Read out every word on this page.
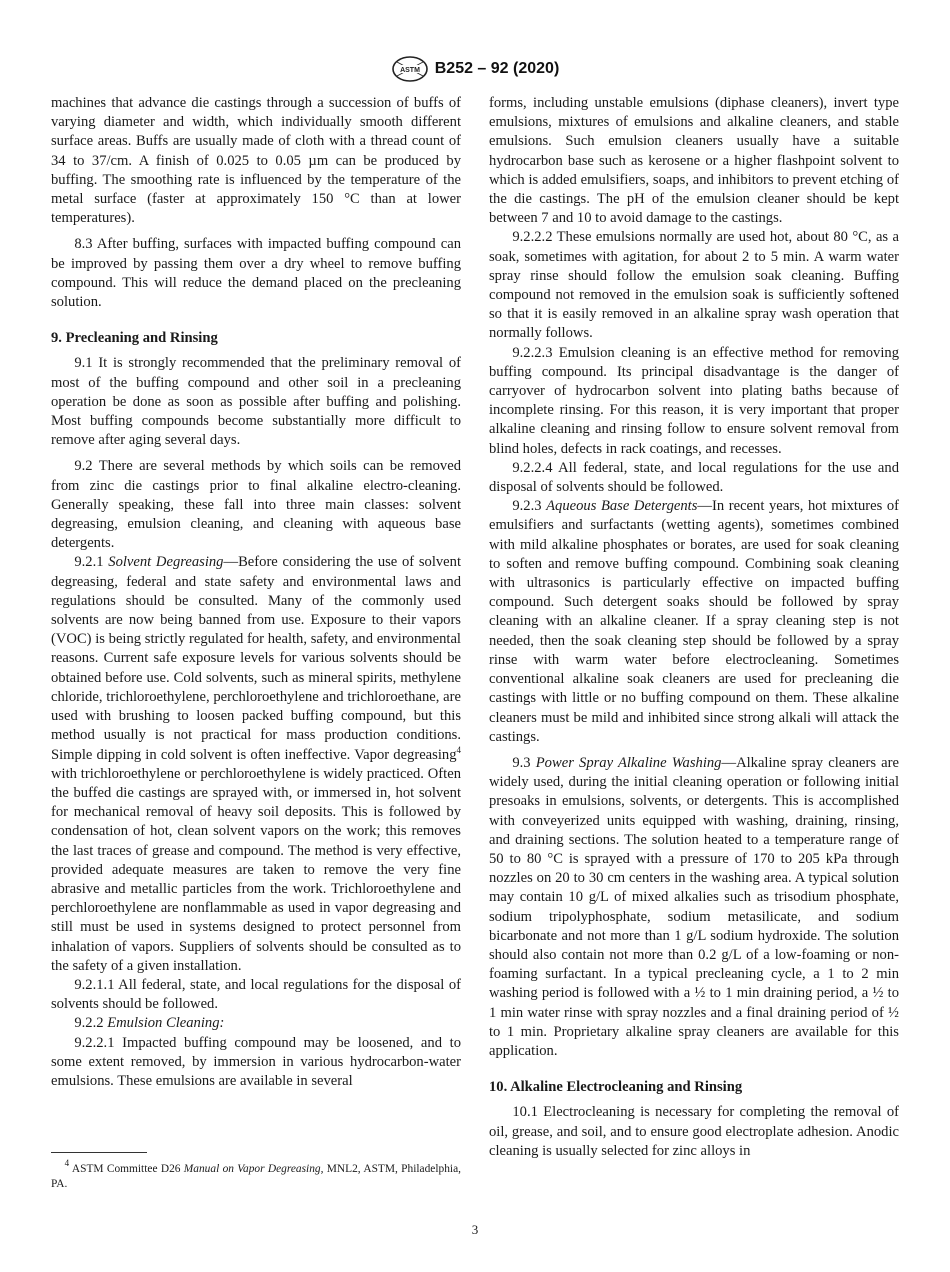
ASTM B252 – 92 (2020)

machines that advance die castings through a succession of buffs of varying diameter and width, which individually smooth different surface areas. Buffs are usually made of cloth with a thread count of 34 to 37/cm. A finish of 0.025 to 0.05 µm can be produced by buffing. The smoothing rate is influenced by the temperature of the metal surface (faster at approximately 150 °C than at lower temperatures).

8.3 After buffing, surfaces with impacted buffing compound can be improved by passing them over a dry wheel to remove buffing compound. This will reduce the demand placed on the precleaning solution.

9. Precleaning and Rinsing

9.1 It is strongly recommended that the preliminary removal of most of the buffing compound and other soil in a precleaning operation be done as soon as possible after buffing and polishing. Most buffing compounds become substantially more difficult to remove after aging several days.

9.2 There are several methods by which soils can be removed from zinc die castings prior to final alkaline electro-cleaning. Generally speaking, these fall into three main classes: solvent degreasing, emulsion cleaning, and cleaning with aqueous base detergents.

9.2.1 Solvent Degreasing—Before considering the use of solvent degreasing, federal and state safety and environmental laws and regulations should be consulted. Many of the commonly used solvents are now being banned from use. Exposure to their vapors (VOC) is being strictly regulated for health, safety, and environmental reasons. Current safe exposure levels for various solvents should be obtained before use. Cold solvents, such as mineral spirits, methylene chloride, trichloroethylene, perchloroethylene and trichloroethane, are used with brushing to loosen packed buffing compound, but this method usually is not practical for mass production conditions. Simple dipping in cold solvent is often ineffective. Vapor degreasing$^4$ with trichloroethylene or perchloroethylene is widely practiced. Often the buffed die castings are sprayed with, or immersed in, hot solvent for mechanical removal of heavy soil deposits. This is followed by condensation of hot, clean solvent vapors on the work; this removes the last traces of grease and compound. The method is very effective, provided adequate measures are taken to remove the very fine abrasive and metallic particles from the work. Trichloroethylene and perchloroethylene are nonflammable as used in vapor degreasing and still must be used in systems designed to protect personnel from inhalation of vapors. Suppliers of solvents should be consulted as to the safety of a given installation.

9.2.1.1 All federal, state, and local regulations for the disposal of solvents should be followed.

9.2.2 Emulsion Cleaning:

9.2.2.1 Impacted buffing compound may be loosened, and to some extent removed, by immersion in various hydrocarbon-water emulsions. These emulsions are available in several

forms, including unstable emulsions (diphase cleaners), invert type emulsions, mixtures of emulsions and alkaline cleaners, and stable emulsions. Such emulsion cleaners usually have a suitable hydrocarbon base such as kerosene or a higher flashpoint solvent to which is added emulsifiers, soaps, and inhibitors to prevent etching of the die castings. The pH of the emulsion cleaner should be kept between 7 and 10 to avoid damage to the castings.

9.2.2.2 These emulsions normally are used hot, about 80 °C, as a soak, sometimes with agitation, for about 2 to 5 min. A warm water spray rinse should follow the emulsion soak cleaning. Buffing compound not removed in the emulsion soak is sufficiently softened so that it is easily removed in an alkaline spray wash operation that normally follows.

9.2.2.3 Emulsion cleaning is an effective method for removing buffing compound. Its principal disadvantage is the danger of carryover of hydrocarbon solvent into plating baths because of incomplete rinsing. For this reason, it is very important that proper alkaline cleaning and rinsing follow to ensure solvent removal from blind holes, defects in rack coatings, and recesses.

9.2.2.4 All federal, state, and local regulations for the use and disposal of solvents should be followed.

9.2.3 Aqueous Base Detergents—In recent years, hot mixtures of emulsifiers and surfactants (wetting agents), sometimes combined with mild alkaline phosphates or borates, are used for soak cleaning to soften and remove buffing compound. Combining soak cleaning with ultrasonics is particularly effective on impacted buffing compound. Such detergent soaks should be followed by spray cleaning with an alkaline cleaner. If a spray cleaning step is not needed, then the soak cleaning step should be followed by a spray rinse with warm water before electrocleaning. Sometimes conventional alkaline soak cleaners are used for precleaning die castings with little or no buffing compound on them. These alkaline cleaners must be mild and inhibited since strong alkali will attack the castings.

9.3 Power Spray Alkaline Washing—Alkaline spray cleaners are widely used, during the initial cleaning operation or following initial presoaks in emulsions, solvents, or detergents. This is accomplished with conveyerized units equipped with washing, draining, rinsing, and draining sections. The solution heated to a temperature range of 50 to 80 °C is sprayed with a pressure of 170 to 205 kPa through nozzles on 20 to 30 cm centers in the washing area. A typical solution may contain 10 g/L of mixed alkalies such as trisodium phosphate, sodium tripolyphosphate, sodium metasilicate, and sodium bicarbonate and not more than 1 g/L sodium hydroxide. The solution should also contain not more than 0.2 g/L of a low-foaming or non-foaming surfactant. In a typical precleaning cycle, a 1 to 2 min washing period is followed with a ½ to 1 min draining period, a ½ to 1 min water rinse with spray nozzles and a final draining period of ½ to 1 min. Proprietary alkaline spray cleaners are available for this application.

10. Alkaline Electrocleaning and Rinsing

10.1 Electrocleaning is necessary for completing the removal of oil, grease, and soil, and to ensure good electroplate adhesion. Anodic cleaning is usually selected for zinc alloys in

$^4$ ASTM Committee D26 Manual on Vapor Degreasing, MNL2, ASTM, Philadelphia, PA.
3
